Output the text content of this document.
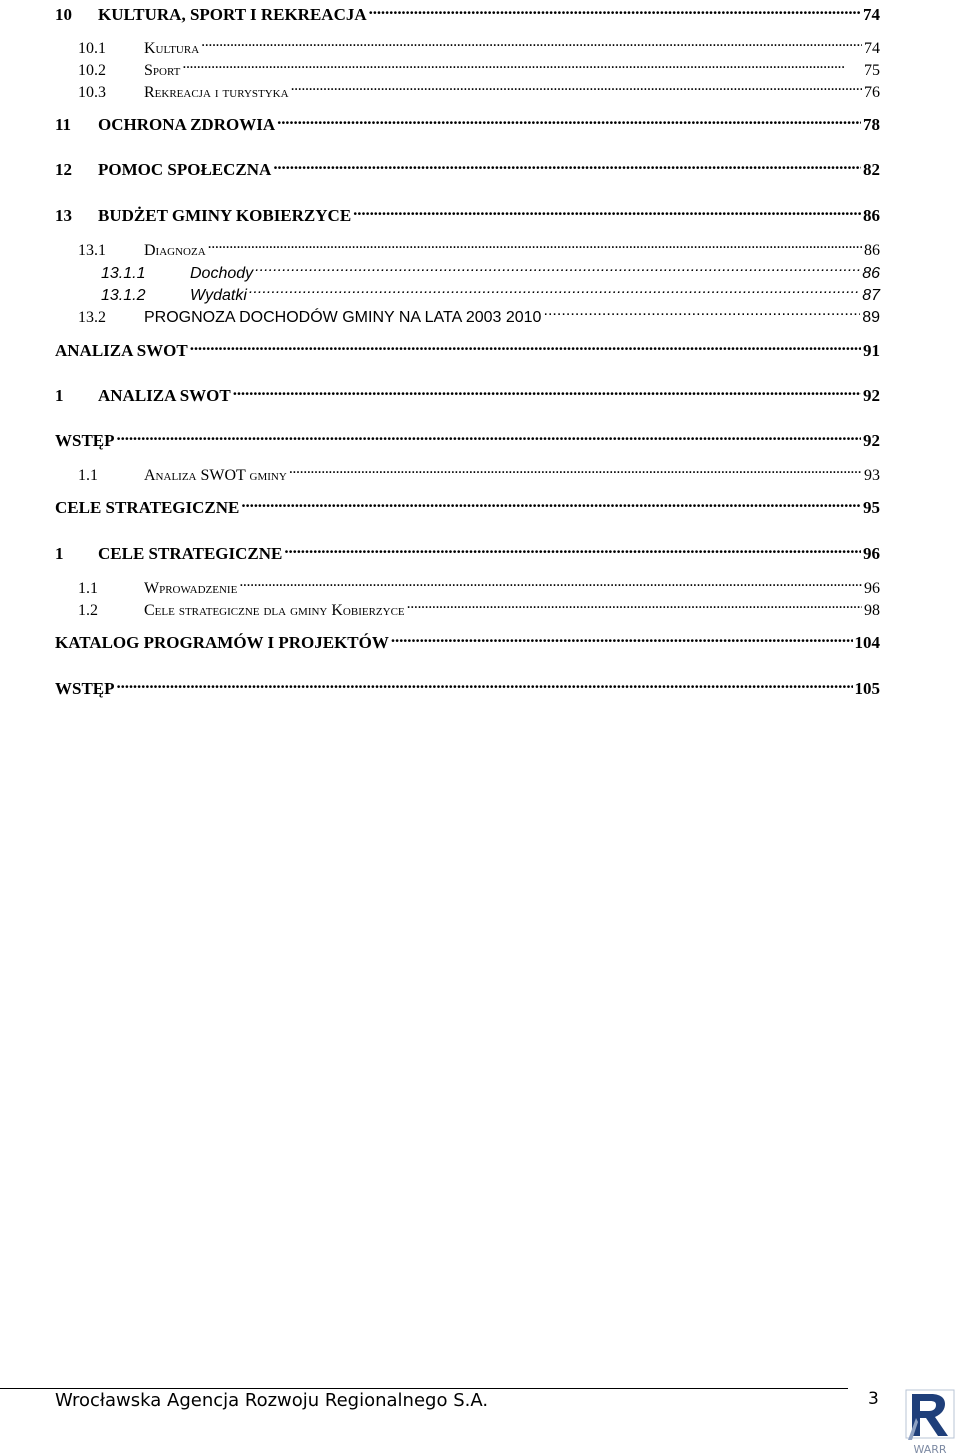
10	KULTURA, SPORT I REKREACJA . . .	74
10.1	Kultura . . .	74
10.2	Sport . . .	75
10.3	Rekreacja i turystyka . . .	76
11	OCHRONA ZDROWIA . . .	78
12	POMOC SPOŁECZNA . . .	82
13	BUDŻET GMINY KOBIERZYCE . . .	86
13.1	Diagnoza . . .	86
13.1.1	Dochody . . .	86
13.1.2	Wydatki . . .	87
13.2	PROGNOZA DOCHODÓW GMINY NA LATA 2003 2010 . . .	89
ANALIZA SWOT . . .	91
1	ANALIZA SWOT . . .	92
WSTĘP . . .	92
1.1	Analiza SWOT gminy . . .	93
CELE STRATEGICZNE . . .	95
1	CELE STRATEGICZNE . . .	96
1.1	Wprowadzenie . . .	96
1.2	Cele strategiczne dla gminy Kobierzyce . . .	98
KATALOG PROGRAMÓW I PROJEKTÓW . . .	104
WSTĘP . . .	105
Wrocławska Agencja Rozwoju Regionalnego S.A.	3
WARR
